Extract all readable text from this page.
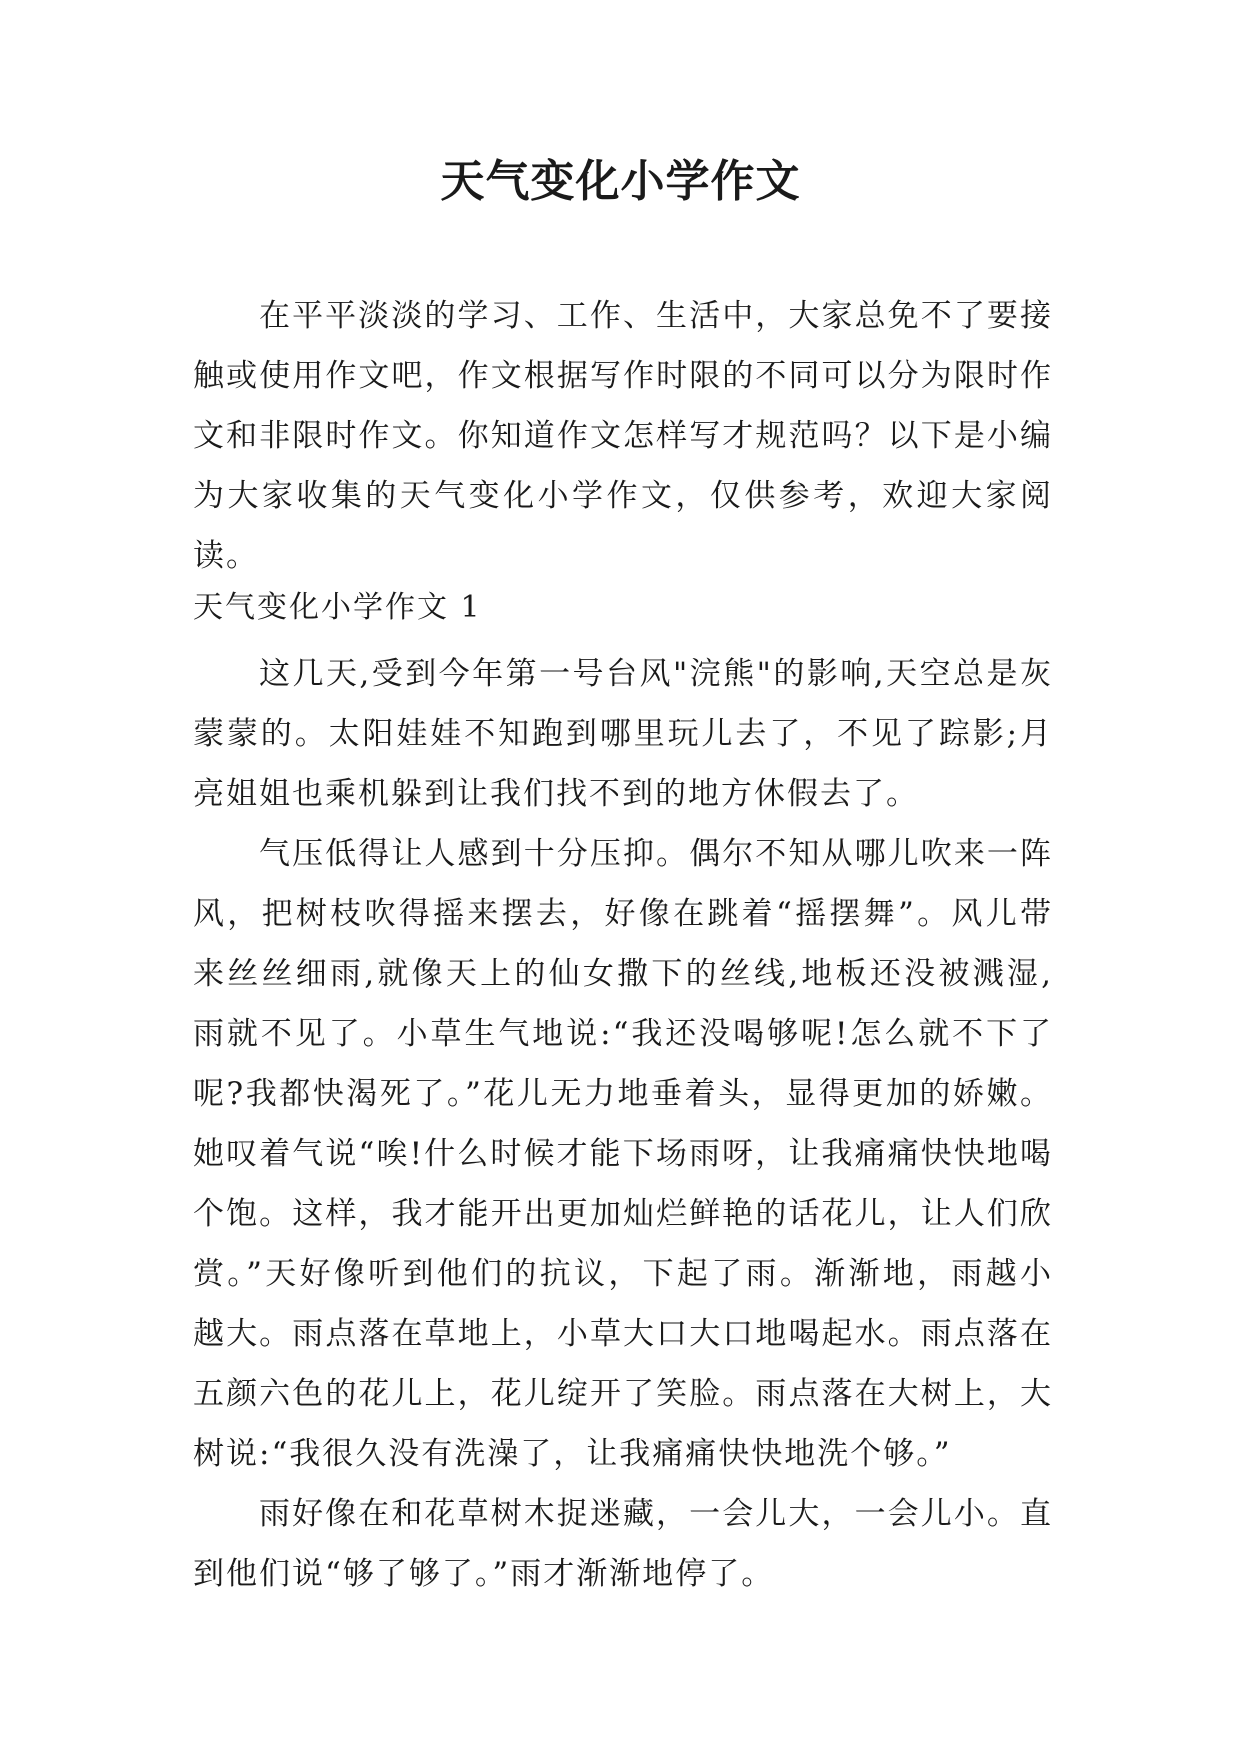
天气变化小学作文

在平平淡淡的学习、工作、生活中，大家总免不了要接触或使用作文吧，作文根据写作时限的不同可以分为限时作文和非限时作文。你知道作文怎样写才规范吗？以下是小编为大家收集的天气变化小学作文，仅供参考，欢迎大家阅读。

天气变化小学作文 1

这几天,受到今年第一号台风"浣熊"的影响,天空总是灰蒙蒙的。太阳娃娃不知跑到哪里玩儿去了，不见了踪影;月亮姐姐也乘机躲到让我们找不到的地方休假去了。

气压低得让人感到十分压抑。偶尔不知从哪儿吹来一阵风，把树枝吹得摇来摆去，好像在跳着“摇摆舞”。风儿带来丝丝细雨,就像天上的仙女撒下的丝线,地板还没被溅湿,雨就不见了。小草生气地说:“我还没喝够呢!怎么就不下了呢?我都快渴死了。”花儿无力地垂着头，显得更加的娇嫩。她叹着气说“唉!什么时候才能下场雨呀，让我痛痛快快地喝个饱。这样，我才能开出更加灿烂鲜艳的话花儿，让人们欣赏。”天好像听到他们的抗议，下起了雨。渐渐地，雨越小越大。雨点落在草地上，小草大口大口地喝起水。雨点落在五颜六色的花儿上，花儿绽开了笑脸。雨点落在大树上，大树说:“我很久没有洗澡了，让我痛痛快快地洗个够。”

雨好像在和花草树木捉迷藏，一会儿大，一会儿小。直到他们说“够了够了。”雨才渐渐地停了。
